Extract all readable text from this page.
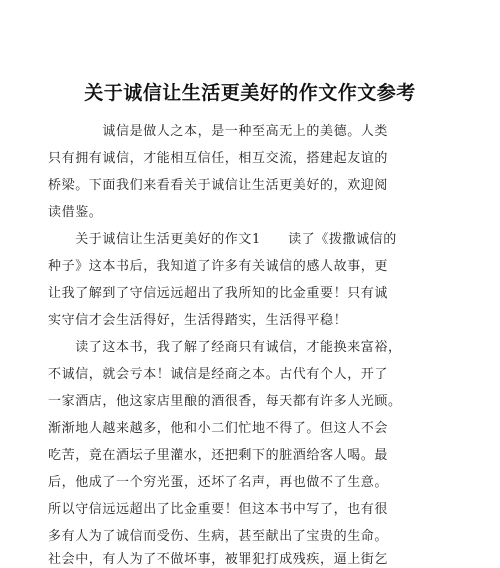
关于诚信让生活更美好的作文作文参考
　　　　诚信是做人之本，是一种至高无上的美德。人类
只有拥有诚信，才能相互信任，相互交流，搭建起友谊的
桥梁。下面我们来看看关于诚信让生活更美好的，欢迎阅
读借鉴。
　　关于诚信让生活更美好的作文1　　读了《拨撒诚信的
种子》这本书后，我知道了许多有关诚信的感人故事，更
让我了解到了守信远远超出了我所知的比金重要！只有诚
实守信才会生活得好，生活得踏实，生活得平稳！
　　读了这本书，我了解了经商只有诚信，才能换来富裕，
不诚信，就会亏本！诚信是经商之本。古代有个人，开了
一家酒店，他这家店里酿的酒很香，每天都有许多人光顾。
渐渐地人越来越多，他和小二们忙地不得了。但这人不会
吃苦，竟在酒坛子里灌水，还把剩下的脏酒给客人喝。最
后，他成了一个穷光蛋，还坏了名声，再也做不了生意。
所以守信远远超出了比金重要！但这本书中写了，也有很
多有人为了诚信而受伤、生病，甚至献出了宝贵的生命。
社会中，有人为了不做坏事，被罪犯打成残疾，逼上街乞
